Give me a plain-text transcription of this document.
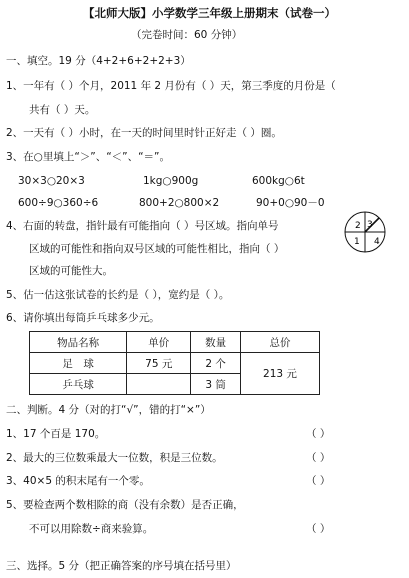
【北师大版】小学数学三年级上册期末（试卷一）
（完卷时间：60 分钟）
一、填空。19 分（4+2+6+2+2+3）
1、一年有（ ）个月，2011 年 2 月份有（ ）天，第三季度的月份是（
共有（ ）天。
2、一天有（ ）小时，在一天的时间里时针正好走（ ）圈。
3、在○里填上“＞”、“＜”、“＝”。
30×3○20×3	1kg○900g	600kg○6t
600÷9○360÷6	800+2○800×2	90+0○90－0
4、右面的转盘，指针最有可能指向（ ）号区域。指向单号
区域的可能性和指向双号区域的可能性相比，指向（ ）
区域的可能性大。
2 3
4
1
5、估一估这张试卷的长约是（ ），宽约是（ ）。
6、请你填出每筒乒乓球多少元。
物品名称	单价	数量	总价
足　球	75 元	2 个	213 元
乒乓球		3 筒	
二、判断。4 分（对的打“√”，错的打“×”）
1、17 个百是 170。	（ ）
2、最大的三位数乘最大一位数，积是三位数。	（ ）
3、40×5 的积末尾有一个零。	（ ）
5、要检查两个数相除的商（没有余数）是否正确，
不可以用除数÷商来验算。	（ ）
三、选择。5 分（把正确答案的序号填在括号里）
